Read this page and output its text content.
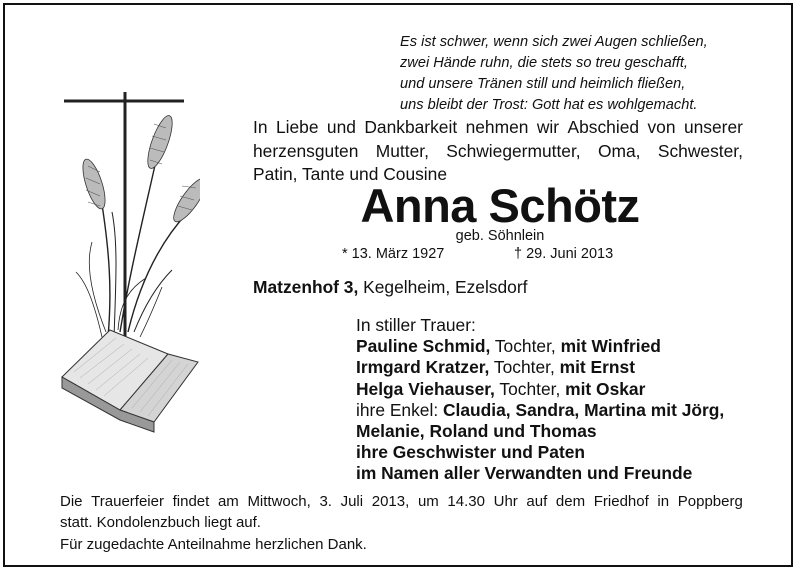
Es ist schwer, wenn sich zwei Augen schließen,
zwei Hände ruhn, die stets so treu geschafft,
und unsere Tränen still und heimlich fließen,
uns bleibt der Trost: Gott hat es wohlgemacht.
In Liebe und Dankbarkeit nehmen wir Abschied von unserer
herzensguten Mutter, Schwiegermutter, Oma, Schwester,
Patin, Tante und Cousine
Anna Schötz
geb. Söhnlein
* 13. März 1927	† 29. Juni 2013
Matzenhof 3, Kegelheim, Ezelsdorf
In stiller Trauer:
Pauline Schmid, Tochter, mit Winfried
Irmgard Kratzer, Tochter, mit Ernst
Helga Viehauser, Tochter, mit Oskar
ihre Enkel: Claudia, Sandra, Martina mit Jörg,
Melanie, Roland und Thomas
ihre Geschwister und Paten
im Namen aller Verwandten und Freunde
Die Trauerfeier findet am Mittwoch, 3. Juli 2013, um 14.30 Uhr auf dem Friedhof in Poppberg
statt. Kondolenzbuch liegt auf.
Für zugedachte Anteilnahme herzlichen Dank.
